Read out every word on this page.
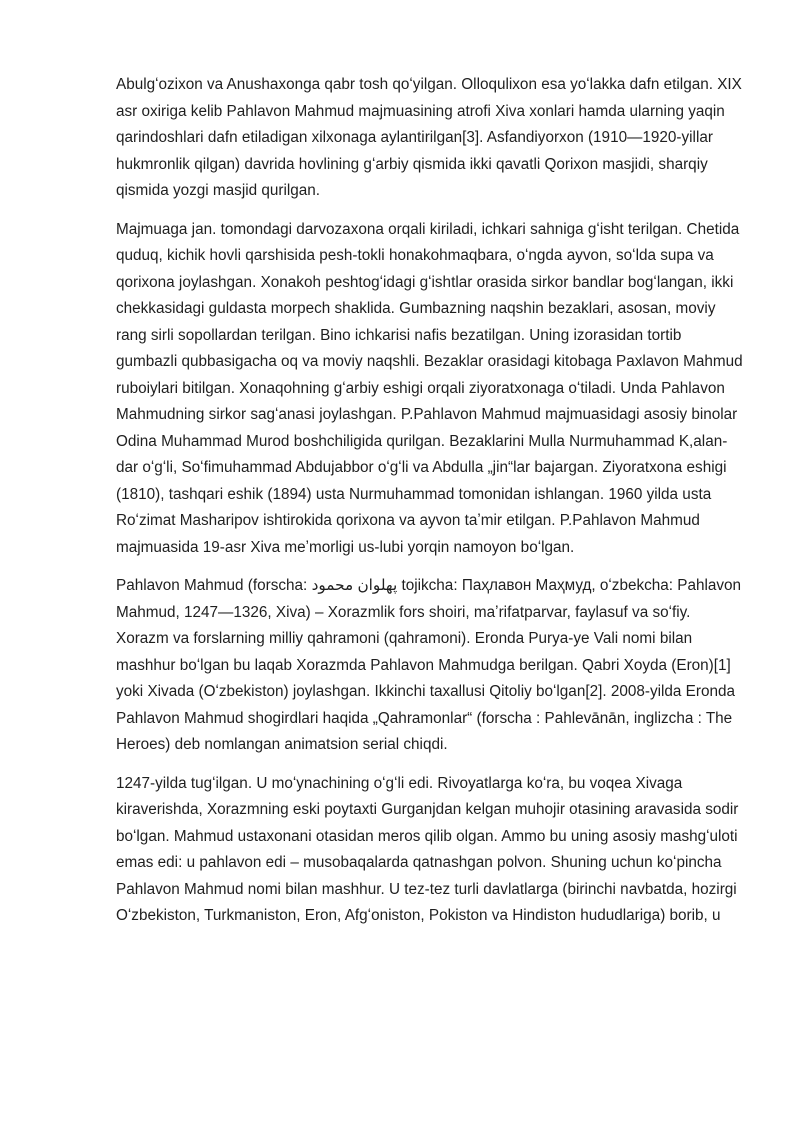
Abulgʻozixon va Anushaxonga qabr tosh qoʻyilgan. Olloqulixon esa yoʻlakka dafn etilgan. XIX asr oxiriga kelib Pahlavon Mahmud majmuasining atrofi Xiva xonlari hamda ularning yaqin qarindoshlari dafn etiladigan xilxonaga aylantirilgan[3]. Asfandiyorxon (1910—1920-yillar hukmronlik qilgan) davrida hovlining gʻarbiy qismida ikki qavatli Qorixon masjidi, sharqiy qismida yozgi masjid qurilgan.

Majmuaga jan. tomondagi darvozaxona orqali kiriladi, ichkari sahniga gʻisht terilgan. Chetida quduq, kichik hovli qarshisida pesh-tokli honakohmaqbara, oʻngda ayvon, soʻlda supa va qorixona joylashgan. Xonakoh peshtogʻidagi gʻishtlar orasida sirkor bandlar bogʻlangan, ikki chekkasidagi guldasta morpech shaklida. Gumbazning naqshin bezaklari, asosan, moviy rang sirli sopollardan terilgan. Bino ichkarisi nafis bezatilgan. Uning izorasidan tortib gumbazli qubbasigacha oq va moviy naqshli. Bezaklar orasidagi kitobaga Paxlavon Mahmud ruboiylari bitilgan. Xonaqohning gʻarbiy eshigi orqali ziyoratxonaga oʻtiladi. Unda Pahlavon Mahmudning sirkor sagʻanasi joylashgan. P.Pahlavon Mahmud majmuasidagi asosiy binolar Odina Muhammad Murod boshchiligida qurilgan. Bezaklarini Mulla Nurmuhammad K,alan-dar oʻgʻli, Soʻfimuhammad Abdujabbor oʻgʻli va Abdulla „jin“lar bajargan. Ziyoratxona eshigi (1810), tashqari eshik (1894) usta Nurmuhammad tomonidan ishlangan. 1960 yilda usta Roʻzimat Masharipov ishtirokida qorixona va ayvon taʼmir etilgan. P.Pahlavon Mahmud majmuasida 19-asr Xiva meʼmorligi us-lubi yorqin namoyon boʻlgan.

Pahlavon Mahmud (forscha: پهلوان محمود‎ tojikcha: Паҳлавон Маҳмуд, oʻzbekcha: Pahlavon Mahmud, 1247—1326, Xiva) – Xorazmlik fors shoiri, maʼrifatparvar, faylasuf va soʻfiy. Xorazm va forslarning milliy qahramoni (qahramoni). Eronda Purya-ye Vali nomi bilan mashhur boʻlgan bu laqab Xorazmda Pahlavon Mahmudga berilgan. Qabri Xoyda (Eron)[1] yoki Xivada (Oʻzbekiston) joylashgan. Ikkinchi taxallusi Qitoliy boʻlgan[2]. 2008-yilda Eronda Pahlavon Mahmud shogirdlari haqida „Qahramonlar“ (forscha : Pahlevānān, inglizcha : The Heroes) deb nomlangan animatsion serial chiqdi.

1247-yilda tugʻilgan. U moʻynachining oʻgʻli edi. Rivoyatlarga koʻra, bu voqea Xivaga kiraverishda, Xorazmning eski poytaxti Gurganjdan kelgan muhojir otasining aravasida sodir boʻlgan. Mahmud ustaxonani otasidan meros qilib olgan. Ammo bu uning asosiy mashgʻuloti emas edi: u pahlavon edi – musobaqalarda qatnashgan polvon. Shuning uchun koʻpincha Pahlavon Mahmud nomi bilan mashhur. U tez-tez turli davlatlarga (birinchi navbatda, hozirgi Oʻzbekiston, Turkmaniston, Eron, Afgʻoniston, Pokiston va Hindiston hududlariga) borib, u
